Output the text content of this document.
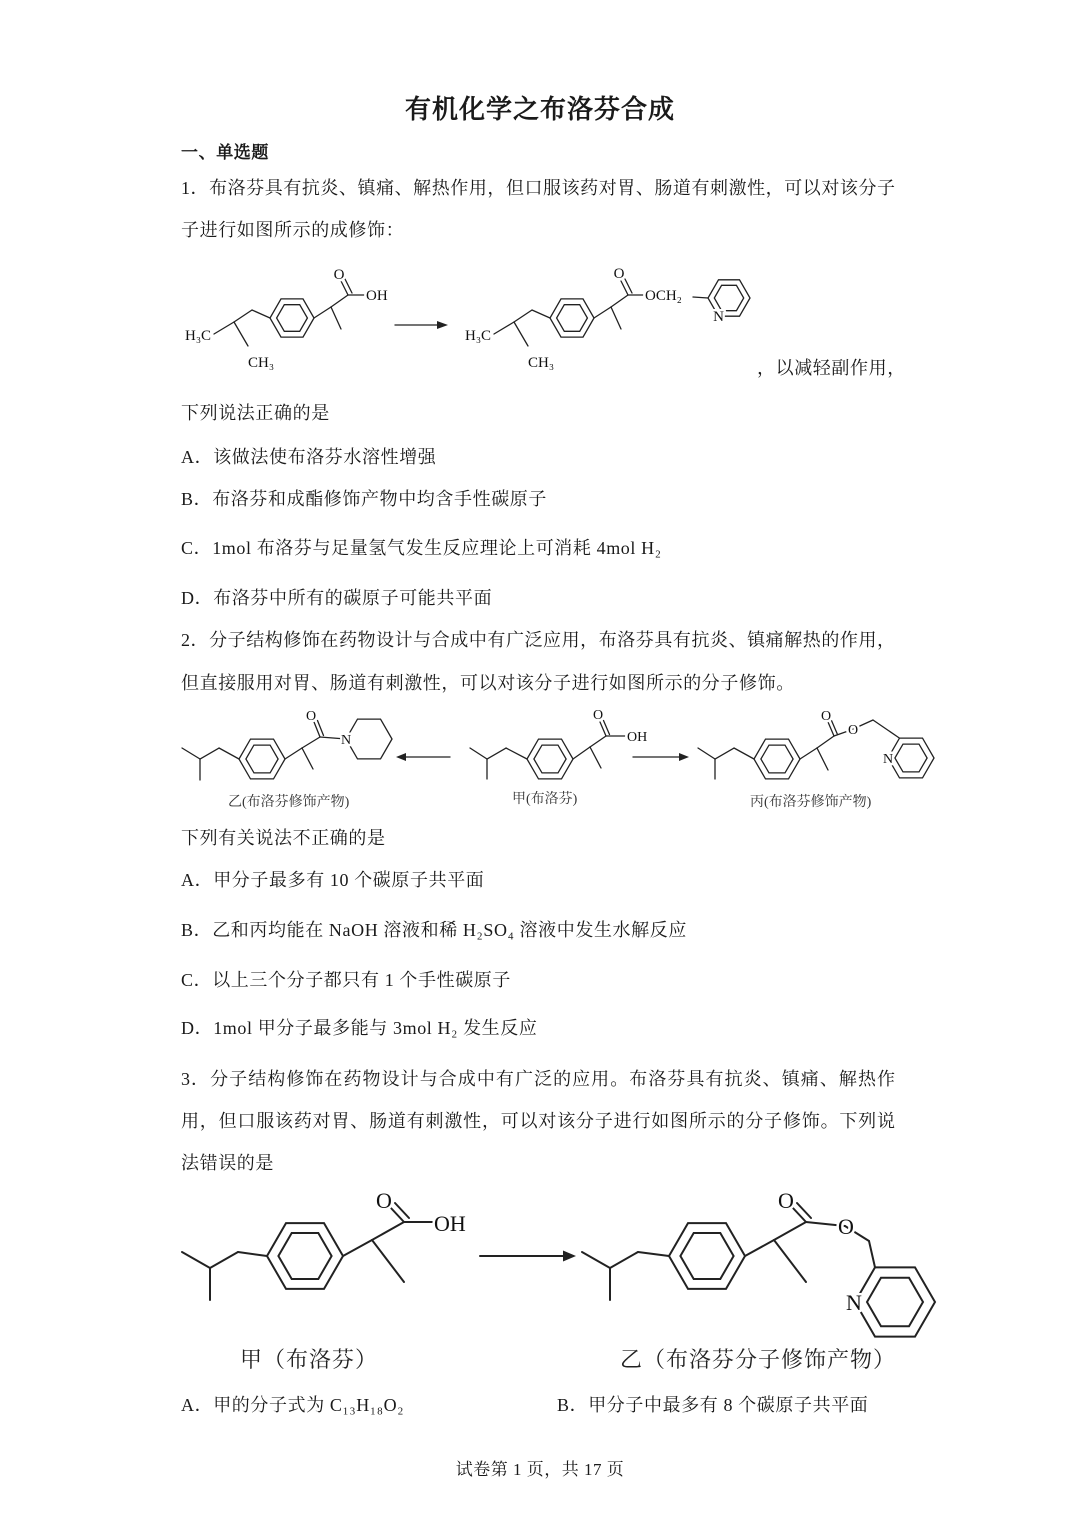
有机化学之布洛芬合成
一、单选题
1．布洛芬具有抗炎、镇痛、解热作用，但口服该药对胃、肠道有刺激性，可以对该分子
子进行如图所示的成修饰：
O
OH
H₃C
CH₃
O
OCH₂
N
H₃C
CH₃	，以减轻副作用，
下列说法正确的是
A．该做法使布洛芬水溶性增强
B．布洛芬和成酯修饰产物中均含手性碳原子
C．1mol 布洛芬与足量氢气发生反应理论上可消耗 4mol H₂
D．布洛芬中所有的碳原子可能共平面
2．分子结构修饰在药物设计与合成中有广泛应用，布洛芬具有抗炎、镇痛解热的作用，
但直接服用对胃、肠道有刺激性，可以对该分子进行如图所示的分子修饰。
O
N
O
OH
O
O
N
乙(布洛芬修饰产物)	甲(布洛芬)	丙(布洛芬修饰产物)
下列有关说法不正确的是
A．甲分子最多有 10 个碳原子共平面
B．乙和丙均能在 NaOH 溶液和稀 H₂SO₄ 溶液中发生水解反应
C．以上三个分子都只有 1 个手性碳原子
D．1mol 甲分子最多能与 3mol H₂ 发生反应
3．分子结构修饰在药物设计与合成中有广泛的应用。布洛芬具有抗炎、镇痛、解热作
用，但口服该药对胃、肠道有刺激性，可以对该分子进行如图所示的分子修饰。下列说
法错误的是
O
OH
O
O
N
甲（布洛芬）	乙（布洛芬分子修饰产物）
A．甲的分子式为 C₁₃H₁₈O₂	B．甲分子中最多有 8 个碳原子共平面
试卷第 1 页，共 17 页
